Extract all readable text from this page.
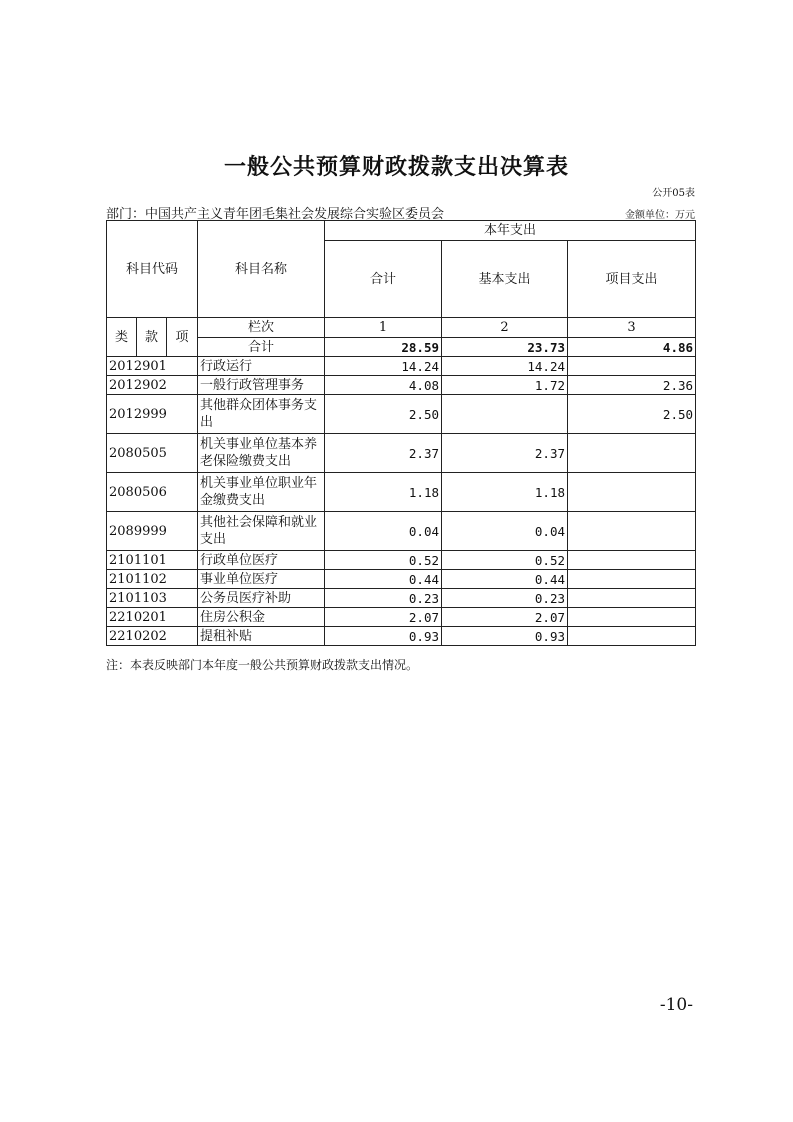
一般公共预算财政拨款支出决算表
公开05表
部门：中国共产主义青年团毛集社会发展综合实验区委员会	金额单位：万元
科目代码			科目名称	本年支出		
				合计	基本支出	项目支出
类	款	项	栏次	1	2	3
			合计	28.59	23.73	4.86
2012901			行政运行	14.24	14.24	
2012902			一般行政管理事务	4.08	1.72	2.36
2012999			其他群众团体事务支出	2.50		2.50
2080505			机关事业单位基本养老保险缴费支出	2.37	2.37	
2080506			机关事业单位职业年金缴费支出	1.18	1.18	
2089999			其他社会保障和就业支出	0.04	0.04	
2101101			行政单位医疗	0.52	0.52	
2101102			事业单位医疗	0.44	0.44	
2101103			公务员医疗补助	0.23	0.23	
2210201			住房公积金	2.07	2.07	
2210202			提租补贴	0.93	0.93	
注：本表反映部门本年度一般公共预算财政拨款支出情况。
-10-
